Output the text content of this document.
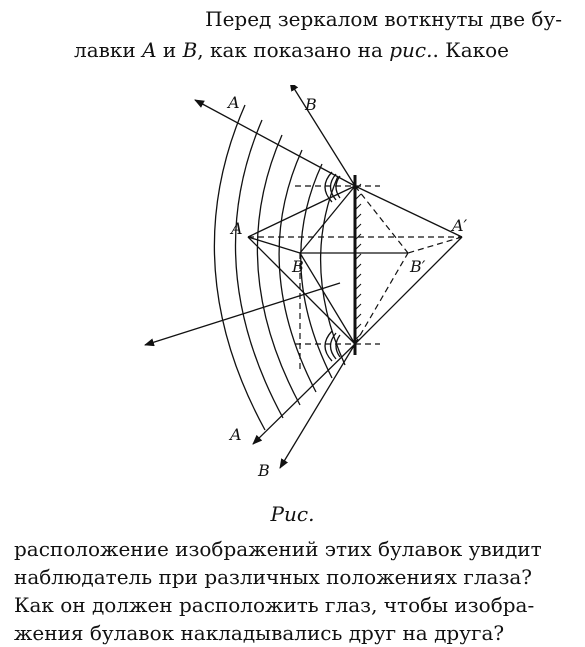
Перед зеркалом воткнуты две бу-
лавки A и B, как показано на рис.. Какое
A	B
A
B
A′
B′
A
B
Рис.
расположение изображений этих булавок увидит
наблюдатель при различных положениях глаза?
Как он должен расположить глаз, чтобы изобра-
жения булавок накладывались друг на друга?
